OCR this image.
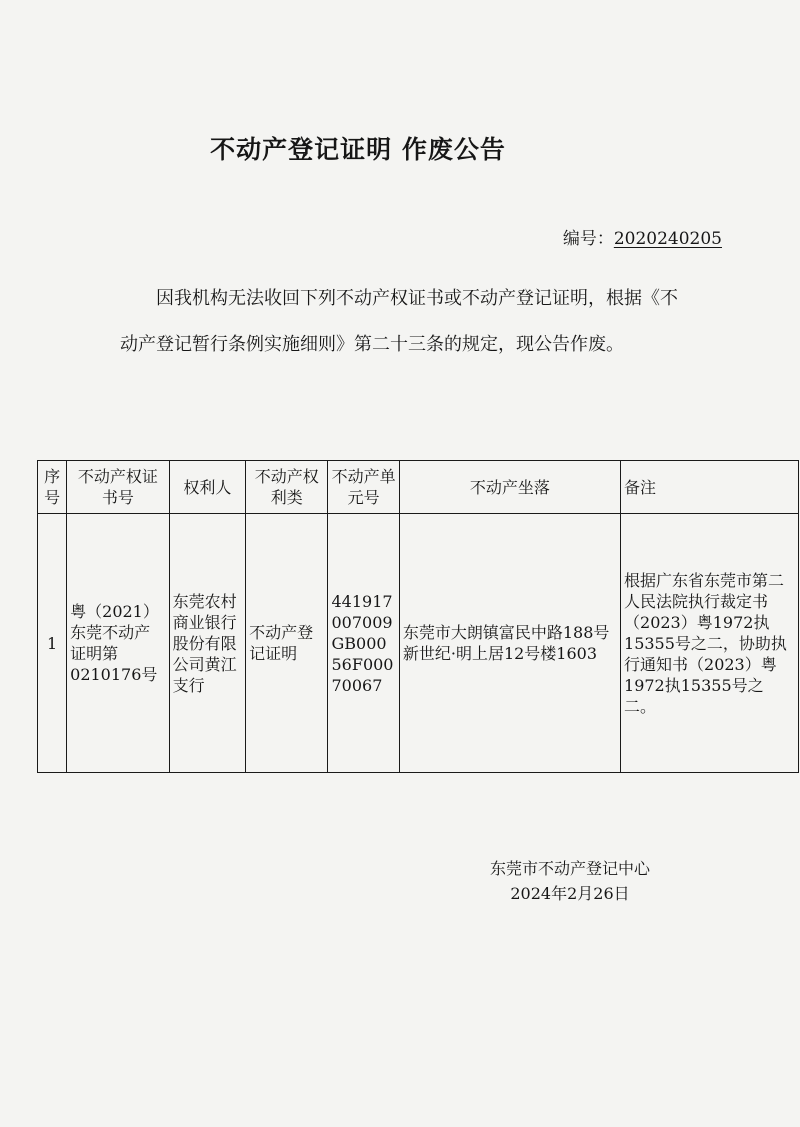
不动产登记证明 作废公告
编号：2020240205
因我机构无法收回下列不动产权证书或不动产登记证明，根据《不动产登记暂行条例实施细则》第二十三条的规定，现公告作废。
序号	不动产权证书号	权利人	不动产权利类	不动产单元号	不动产坐落	备注
1	粤（2021）东莞不动产证明第0210176号	东莞农村商业银行股份有限公司黄江支行	不动产登记证明	441917007009GB00056F00070067	东莞市大朗镇富民中路188号新世纪·明上居12号楼1603	根据广东省东莞市第二人民法院执行裁定书（2023）粤1972执15355号之二，协助执行通知书（2023）粤1972执15355号之二。
东莞市不动产登记中心
2024年2月26日
